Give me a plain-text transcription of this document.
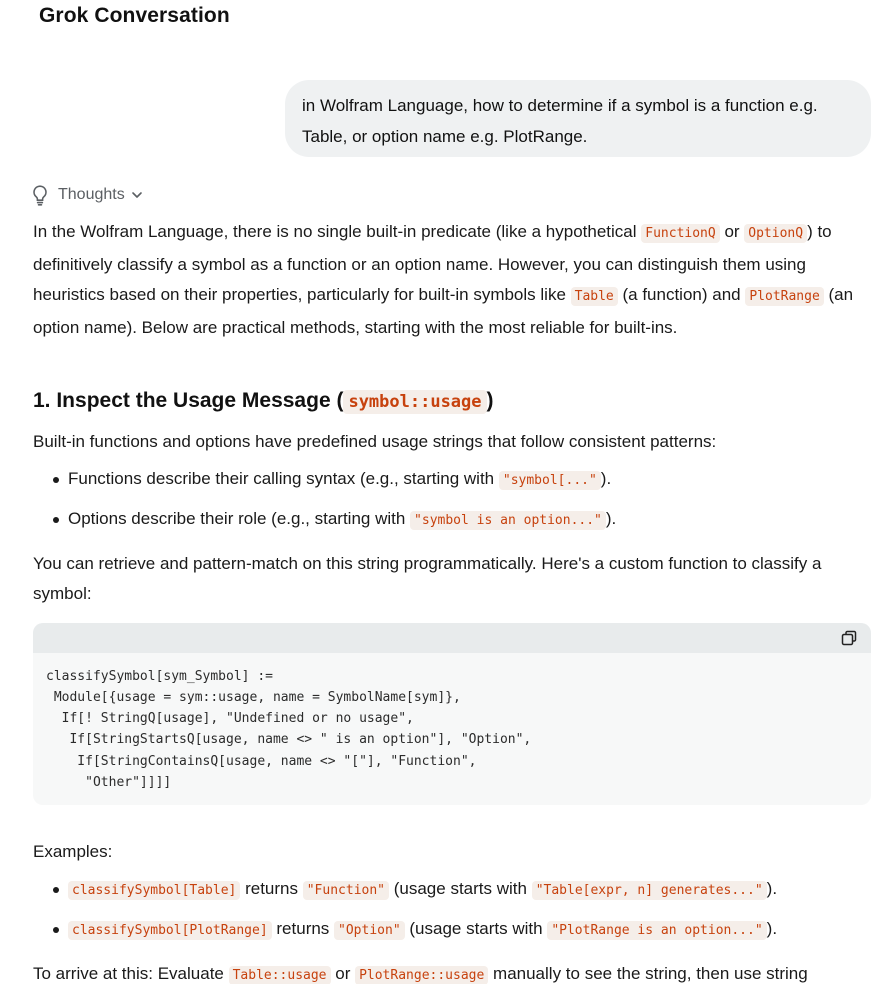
Grok Conversation
in Wolfram Language, how to determine if a symbol is a function e.g. Table, or option name e.g. PlotRange.
Thoughts

In the Wolfram Language, there is no single built-in predicate (like a hypothetical FunctionQ or OptionQ ) to definitively classify a symbol as a function or an option name. However, you can distinguish them using heuristics based on their properties, particularly for built-in symbols like Table (a function) and PlotRange (an option name). Below are practical methods, starting with the most reliable for built-ins.

1. Inspect the Usage Message ( symbol::usage )

Built-in functions and options have predefined usage strings that follow consistent patterns:

Functions describe their calling syntax (e.g., starting with "symbol[..." ).
Options describe their role (e.g., starting with "symbol is an option..." ).

You can retrieve and pattern-match on this string programmatically. Here's a custom function to classify a symbol:

classifySymbol[sym_Symbol] :=
Module[{usage = sym::usage, name = SymbolName[sym]},
If[! StringQ[usage], "Undefined or no usage",
If[StringStartsQ[usage, name <> " is an option"], "Option",
If[StringContainsQ[usage, name <> "["], "Function",
"Other"]]]]

Examples:

classifySymbol[Table] returns "Function" (usage starts with "Table[expr, n] generates..." ).
classifySymbol[PlotRange] returns "Option" (usage starts with "PlotRange is an option..." ).

To arrive at this: Evaluate Table::usage or PlotRange::usage manually to see the string, then use string
